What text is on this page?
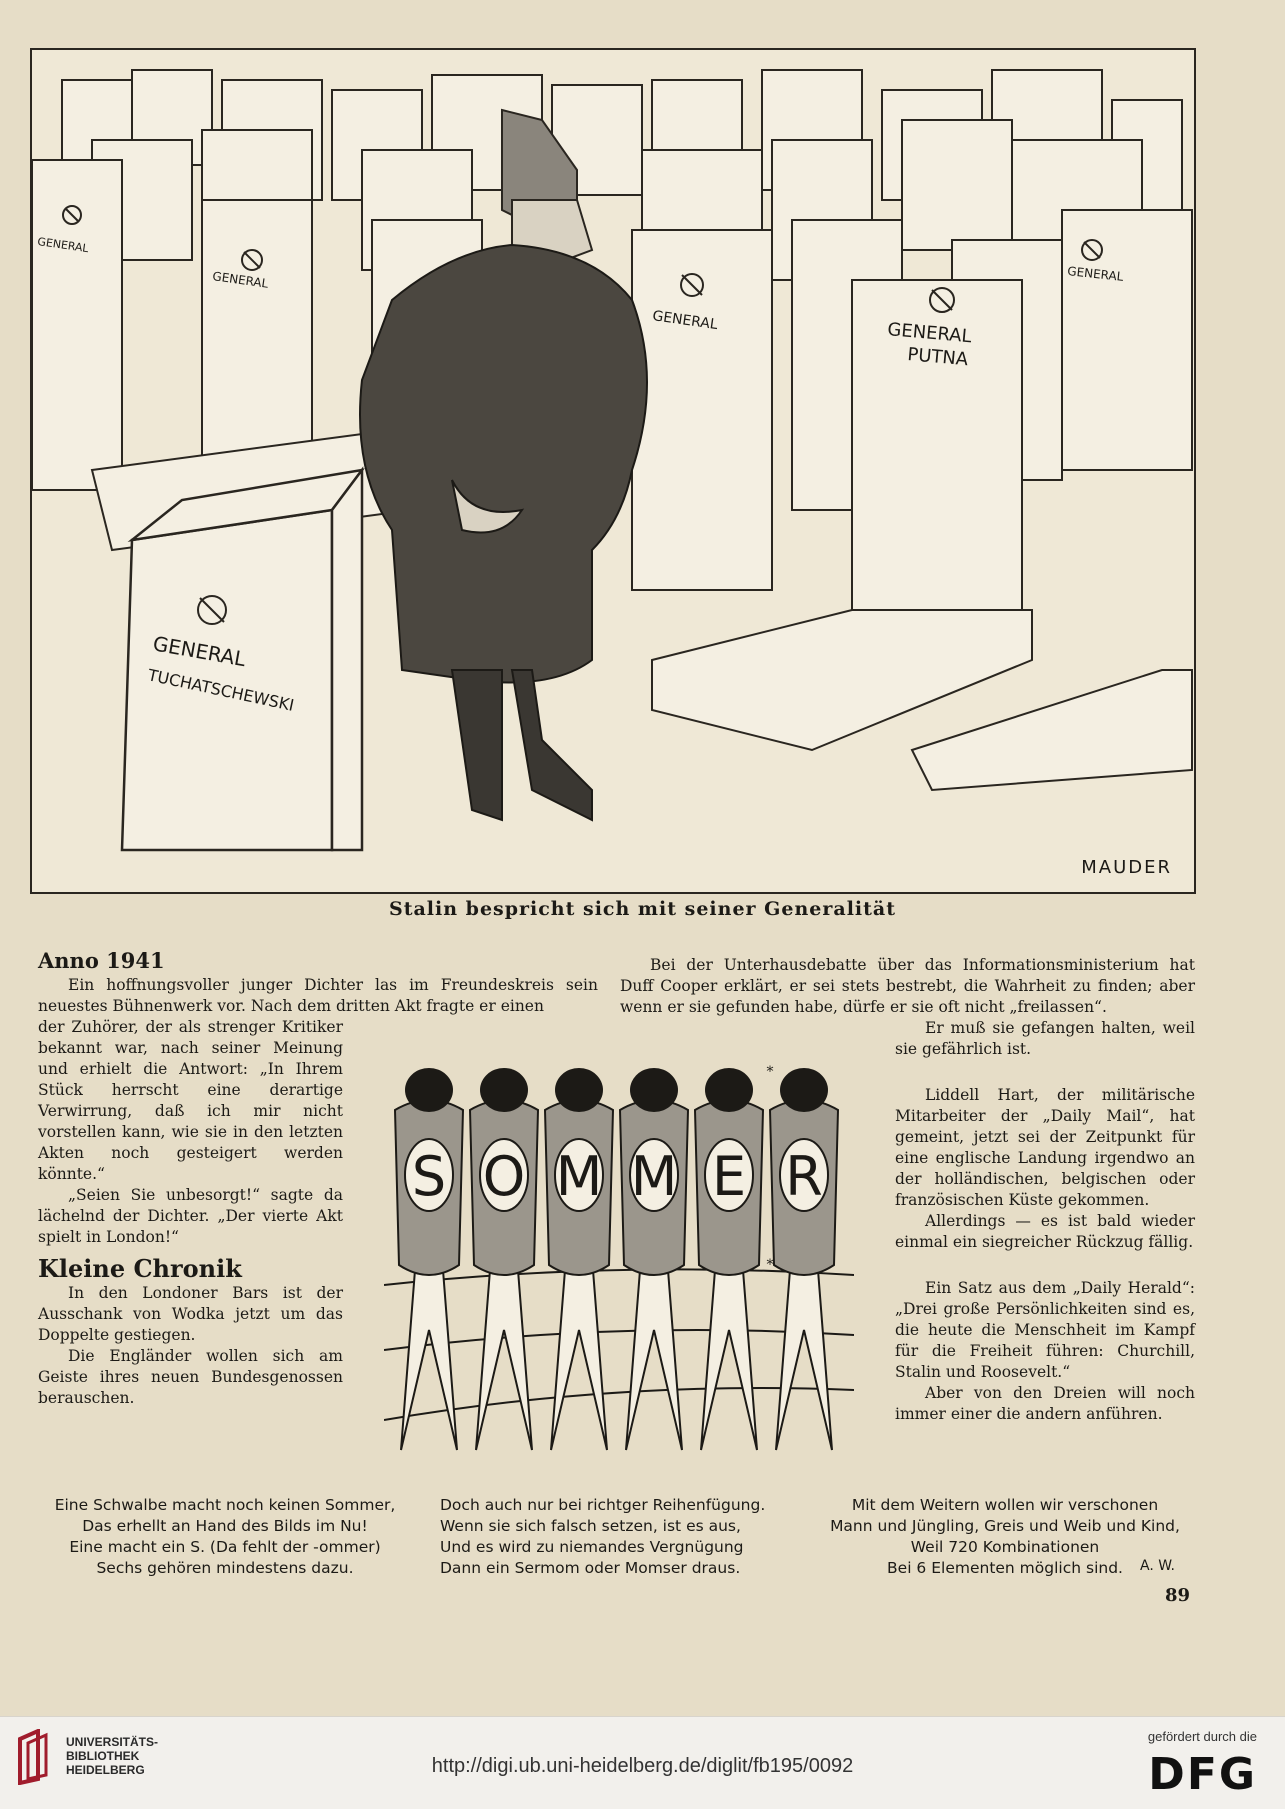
GENERAL
TUCHATSCHEWSKI
GENERAL
PUTNA
GENERAL
GENERAL
GENERAL
GENERAL
MAUDER
Stalin bespricht sich mit seiner Generalität
Anno 1941

Ein hoffnungsvoller junger Dichter las im Freundeskreis sein neuestes Bühnenwerk vor. Nach dem dritten Akt fragte er einen

der Zuhörer, der als strenger Kritiker bekannt war, nach seiner Meinung und erhielt die Antwort: „In Ihrem Stück herrscht eine derartige Verwirrung, daß ich mir nicht vorstellen kann, wie sie in den letzten Akten noch gesteigert werden könnte.“

„Seien Sie unbesorgt!“ sagte da lächelnd der Dichter. „Der vierte Akt spielt in London!“

Kleine Chronik

In den Londoner Bars ist der Ausschank von Wodka jetzt um das Doppelte gestiegen.

Die Engländer wollen sich am Geiste ihres neuen Bundesgenossen berauschen.

Bei der Unterhausdebatte über das Informationsministerium hat Duff Cooper erklärt, er sei stets bestrebt, die Wahrheit zu finden; aber wenn er sie gefunden habe, dürfe er sie oft nicht „freilassen“.

Er muß sie gefangen halten, weil sie gefährlich ist.

*

Liddell Hart, der militärische Mitarbeiter der „Daily Mail“, hat gemeint, jetzt sei der Zeitpunkt für eine englische Landung irgendwo an der holländischen, belgischen oder französischen Küste gekommen.

Allerdings — es ist bald wieder einmal ein siegreicher Rückzug fällig.

*

Ein Satz aus dem „Daily Herald“: „Drei große Persönlichkeiten sind es, die heute die Menschheit im Kampf für die Freiheit führen: Churchill, Stalin und Roosevelt.“

Aber von den Dreien will noch immer einer die andern anführen.

S O M M E R
Eine Schwalbe macht noch keinen Sommer,
Das erhellt an Hand des Bilds im Nu!
Eine macht ein S. (Da fehlt der -ommer)
Sechs gehören mindestens dazu.
Doch auch nur bei richtger Reihenfügung.
Wenn sie sich falsch setzen, ist es aus,
Und es wird zu niemandes Vergnügung
Dann ein Sermom oder Momser draus.
Mit dem Weitern wollen wir verschonen
Mann und Jüngling, Greis und Weib und Kind,
Weil 720 Kombinationen
Bei 6 Elementen möglich sind.	A. W.
89
UNIVERSITÄTS-
BIBLIOTHEK
HEIDELBERG	http://digi.ub.uni-heidelberg.de/diglit/fb195/0092
gefördert durch die
DFG
